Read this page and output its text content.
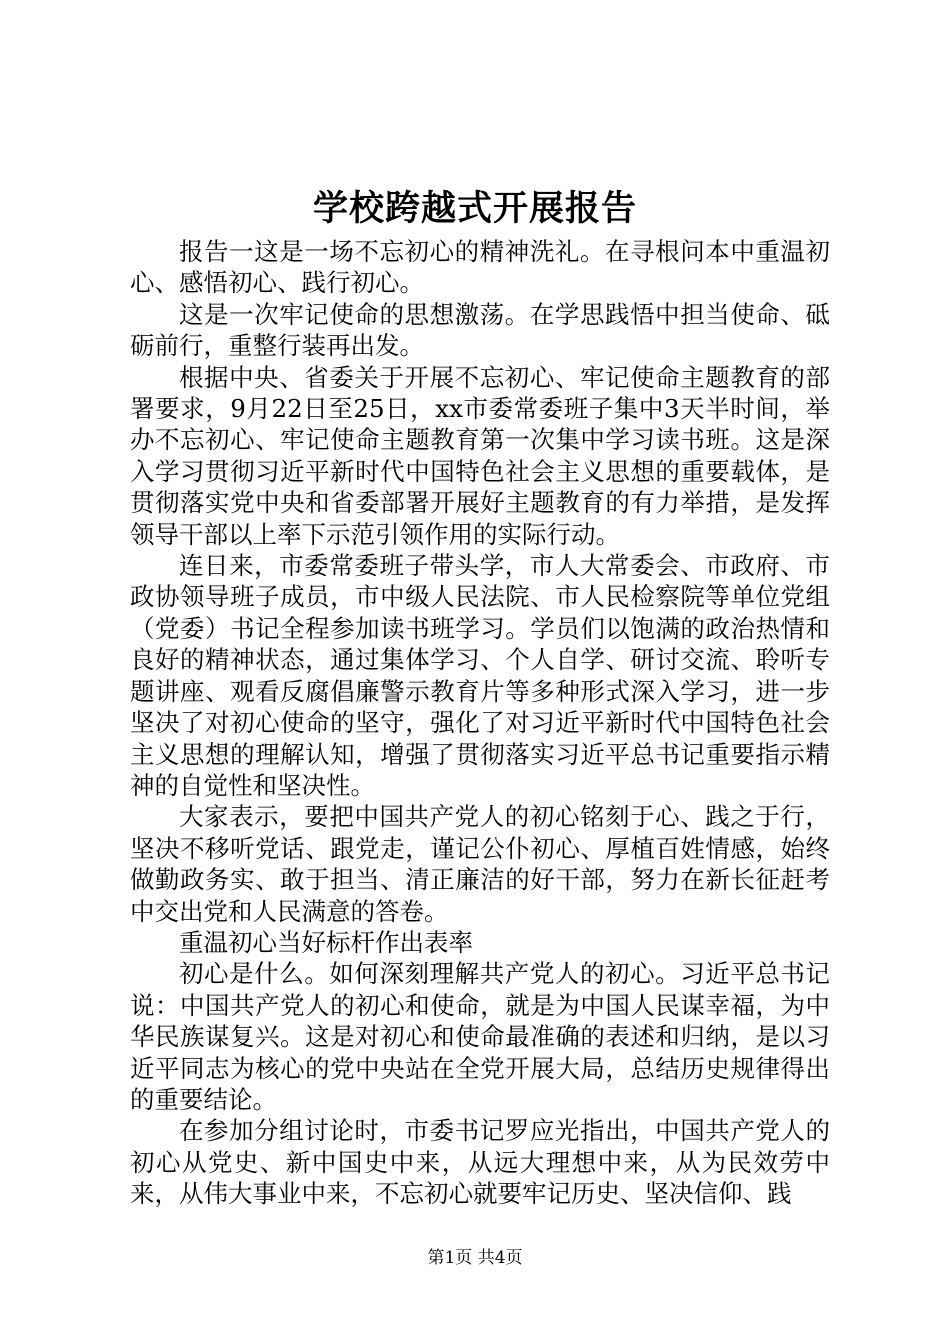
学校跨越式开展报告

报告一这是一场不忘初心的精神洗礼。在寻根问本中重温初心、感悟初心、践行初心。

这是一次牢记使命的思想激荡。在学思践悟中担当使命、砥砺前行，重整行装再出发。

根据中央、省委关于开展不忘初心、牢记使命主题教育的部署要求，9月22日至25日，xx市委常委班子集中3天半时间，举办不忘初心、牢记使命主题教育第一次集中学习读书班。这是深入学习贯彻习近平新时代中国特色社会主义思想的重要载体，是贯彻落实党中央和省委部署开展好主题教育的有力举措，是发挥领导干部以上率下示范引领作用的实际行动。

连日来，市委常委班子带头学，市人大常委会、市政府、市政协领导班子成员，市中级人民法院、市人民检察院等单位党组（党委）书记全程参加读书班学习。学员们以饱满的政治热情和良好的精神状态，通过集体学习、个人自学、研讨交流、聆听专题讲座、观看反腐倡廉警示教育片等多种形式深入学习，进一步坚决了对初心使命的坚守，强化了对习近平新时代中国特色社会主义思想的理解认知，增强了贯彻落实习近平总书记重要指示精神的自觉性和坚决性。

大家表示，要把中国共产党人的初心铭刻于心、践之于行，坚决不移听党话、跟党走，谨记公仆初心、厚植百姓情感，始终做勤政务实、敢于担当、清正廉洁的好干部，努力在新长征赶考中交出党和人民满意的答卷。

重温初心当好标杆作出表率

初心是什么。如何深刻理解共产党人的初心。习近平总书记说：中国共产党人的初心和使命，就是为中国人民谋幸福，为中华民族谋复兴。这是对初心和使命最准确的表述和归纳，是以习近平同志为核心的党中央站在全党开展大局，总结历史规律得出的重要结论。

在参加分组讨论时，市委书记罗应光指出，中国共产党人的初心从党史、新中国史中来，从远大理想中来，从为民效劳中来，从伟大事业中来，不忘初心就要牢记历史、坚决信仰、践

第1页 共4页
